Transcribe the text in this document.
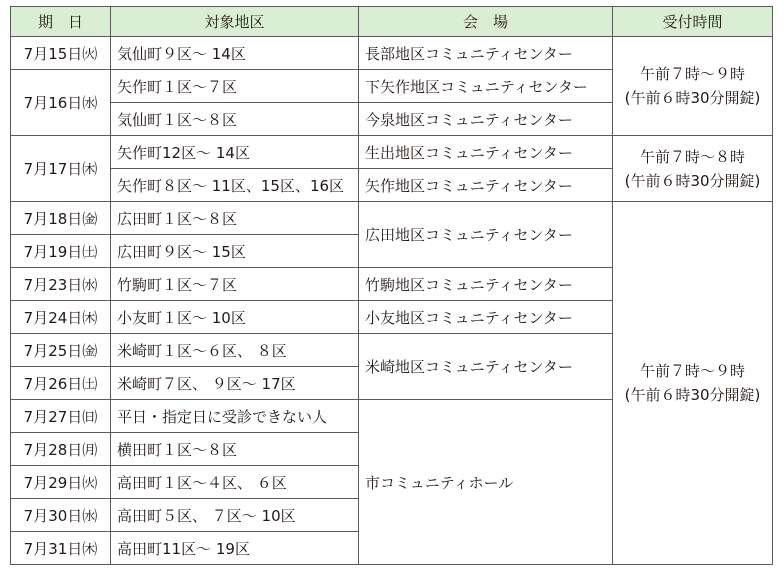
期　日	対象地区	会　場	受付時間
7月15日㈫	気仙町９区～ 14区	長部地区コミュニティセンター	午前７時～９時
(午前６時30分開錠)

7月16日㈬	矢作町１区～７区	下矢作地区コミュニティセンター	
	気仙町１区～８区	今泉地区コミュニティセンター	
7月17日㈭	矢作町12区～ 14区	生出地区コミュニティセンター	午前７時～８時
(午前６時30分開錠)

	矢作町８区～ 11区、15区、16区	矢作地区コミュニティセンター	
7月18日㈮	広田町１区～８区	広田地区コミュニティセンター	午前７時～９時
(午前６時30分開錠)

7月19日㈯	広田町９区～ 15区		
7月23日㈬	竹駒町１区～７区	竹駒地区コミュニティセンター	
7月24日㈭	小友町１区～ 10区	小友地区コミュニティセンター	
7月25日㈮	米崎町１区～６区、 ８区	米崎地区コミュニティセンター	
7月26日㈯	米崎町７区、 ９区～ 17区		
7月27日㈰	平日・指定日に受診できない人	市コミュニティホール	
7月28日㈪	横田町１区～８区		
7月29日㈫	高田町１区～４区、 ６区		
7月30日㈬	高田町５区、 ７区～ 10区		
7月31日㈭	高田町11区～ 19区		
